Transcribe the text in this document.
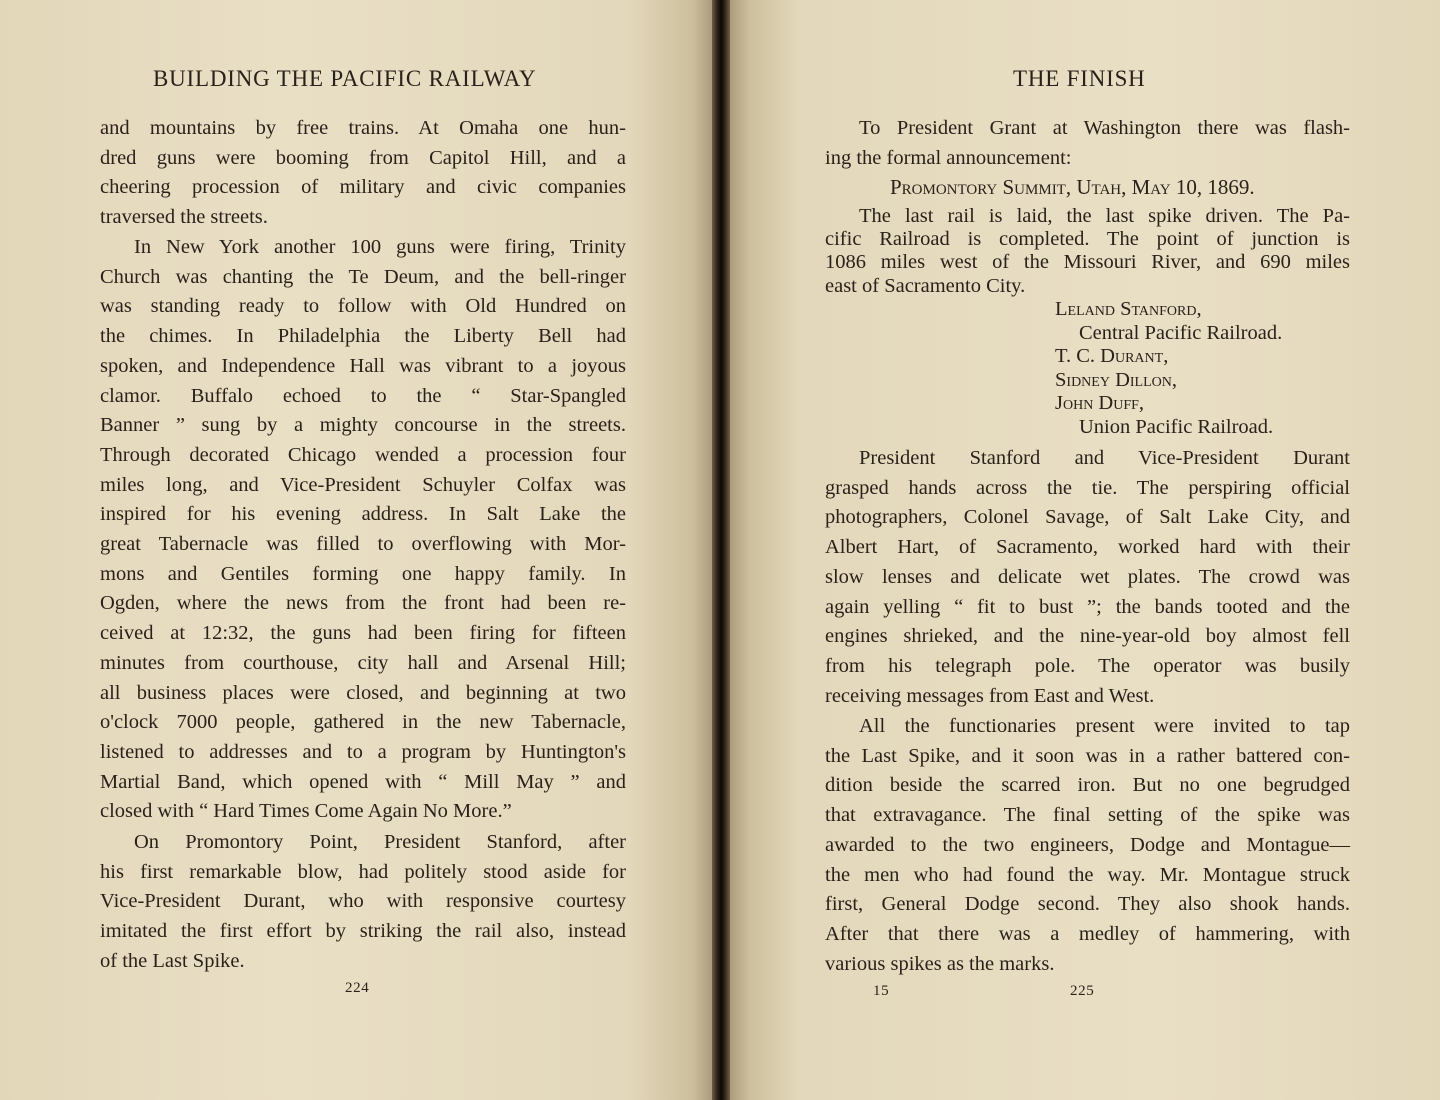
BUILDING THE PACIFIC RAILWAY
and mountains by free trains. At Omaha one hun-
dred guns were booming from Capitol Hill, and a
cheering procession of military and civic companies
traversed the streets.
In New York another 100 guns were firing, Trinity
Church was chanting the Te Deum, and the bell-ringer
was standing ready to follow with Old Hundred on
the chimes. In Philadelphia the Liberty Bell had
spoken, and Independence Hall was vibrant to a joyous
clamor. Buffalo echoed to the “ Star-Spangled
Banner ” sung by a mighty concourse in the streets.
Through decorated Chicago wended a procession four
miles long, and Vice-President Schuyler Colfax was
inspired for his evening address. In Salt Lake the
great Tabernacle was filled to overflowing with Mor-
mons and Gentiles forming one happy family. In
Ogden, where the news from the front had been re-
ceived at 12:32, the guns had been firing for fifteen
minutes from courthouse, city hall and Arsenal Hill;
all business places were closed, and beginning at two
o'clock 7000 people, gathered in the new Tabernacle,
listened to addresses and to a program by Huntington's
Martial Band, which opened with “ Mill May ” and
closed with “ Hard Times Come Again No More.”
On Promontory Point, President Stanford, after
his first remarkable blow, had politely stood aside for
Vice-President Durant, who with responsive courtesy
imitated the first effort by striking the rail also, instead
of the Last Spike.
224
THE FINISH
To President Grant at Washington there was flash-
ing the formal announcement:
Promontory Summit, Utah, May 10, 1869.
The last rail is laid, the last spike driven. The Pa-
cific Railroad is completed. The point of junction is
1086 miles west of the Missouri River, and 690 miles
east of Sacramento City.
Leland Stanford,
Central Pacific Railroad.
T. C. Durant,
Sidney Dillon,
John Duff,
Union Pacific Railroad.
President Stanford and Vice-President Durant
grasped hands across the tie. The perspiring official
photographers, Colonel Savage, of Salt Lake City, and
Albert Hart, of Sacramento, worked hard with their
slow lenses and delicate wet plates. The crowd was
again yelling “ fit to bust ”; the bands tooted and the
engines shrieked, and the nine-year-old boy almost fell
from his telegraph pole. The operator was busily
receiving messages from East and West.
All the functionaries present were invited to tap
the Last Spike, and it soon was in a rather battered con-
dition beside the scarred iron. But no one begrudged
that extravagance. The final setting of the spike was
awarded to the two engineers, Dodge and Montague—
the men who had found the way. Mr. Montague struck
first, General Dodge second. They also shook hands.
After that there was a medley of hammering, with
various spikes as the marks.
15	225
